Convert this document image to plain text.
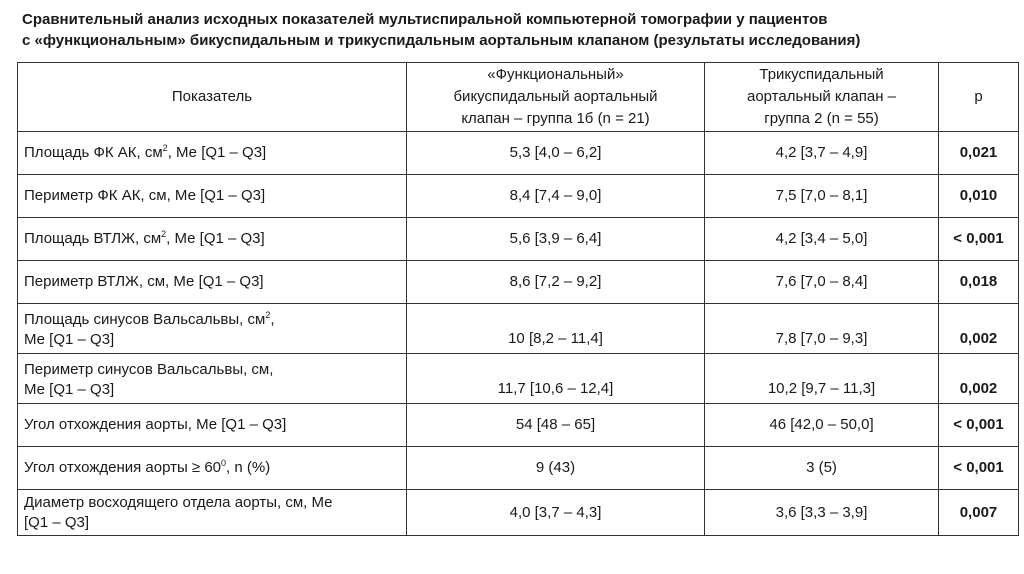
Сравнительный анализ исходных показателей мультиспиральной компьютерной томографии у пациентов
с «функциональным» бикуспидальным и трикуспидальным аортальным клапаном (результаты исследования)
Показатель	«Функциональный» бикуспидальный аортальный клапан – группа 1б (n = 21)	Трикуспидальный аортальный клапан – группа 2 (n = 55)	p
Площадь ФК АК, $см^2$, Ме [Q1 – Q3]	5,3 [4,0 – 6,2]	4,2 [3,7 – 4,9]	0,021
Периметр ФК АК, см, Ме [Q1 – Q3]	8,4 [7,4 – 9,0]	7,5 [7,0 – 8,1]	0,010
Площадь ВТЛЖ, $см^2$, Ме [Q1 – Q3]	5,6 [3,9 – 6,4]	4,2 [3,4 – 5,0]	< 0,001
Периметр ВТЛЖ, см, Ме [Q1 – Q3]	8,6 [7,2 – 9,2]	7,6 [7,0 – 8,4]	0,018
Площадь синусов Вальсальвы, $см^2$,
Ме [Q1 – Q3]	10 [8,2 – 11,4]	7,8 [7,0 – 9,3]	0,002
Периметр синусов Вальсальвы, см,
Ме [Q1 – Q3]	11,7 [10,6 – 12,4]	10,2 [9,7 – 11,3]	0,002
Угол отхождения аорты, Ме [Q1 – Q3]	54 [48 – 65]	46 [42,0 – 50,0]	< 0,001
Угол отхождения аорты ≥ $60^0$, n (%)	9 (43)	3 (5)	< 0,001
Диаметр восходящего отдела аорты, см, Ме
[Q1 – Q3]	4,0 [3,7 – 4,3]	3,6 [3,3 – 3,9]	0,007
